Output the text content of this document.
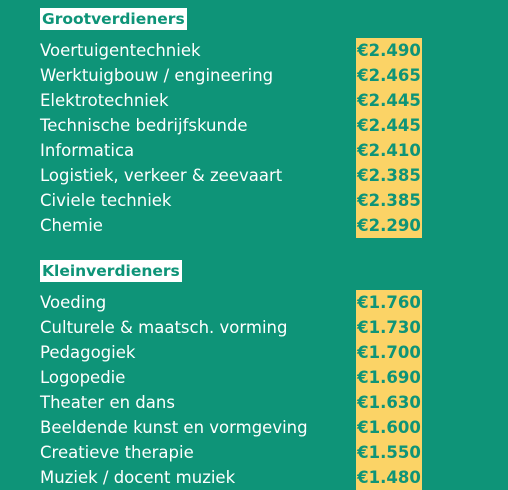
Grootverdieners
Voertuigentechniek	€2.490
Werktuigbouw / engineering	€2.465
Elektrotechniek	€2.445
Technische bedrijfskunde	€2.445
Informatica	€2.410
Logistiek, verkeer & zeevaart	€2.385
Civiele techniek	€2.385
Chemie	€2.290
Kleinverdieners
Voeding	€1.760
Culturele & maatsch. vorming	€1.730
Pedagogiek	€1.700
Logopedie	€1.690
Theater en dans	€1.630
Beeldende kunst en vormgeving	€1.600
Creatieve therapie	€1.550
Muziek / docent muziek	€1.480
